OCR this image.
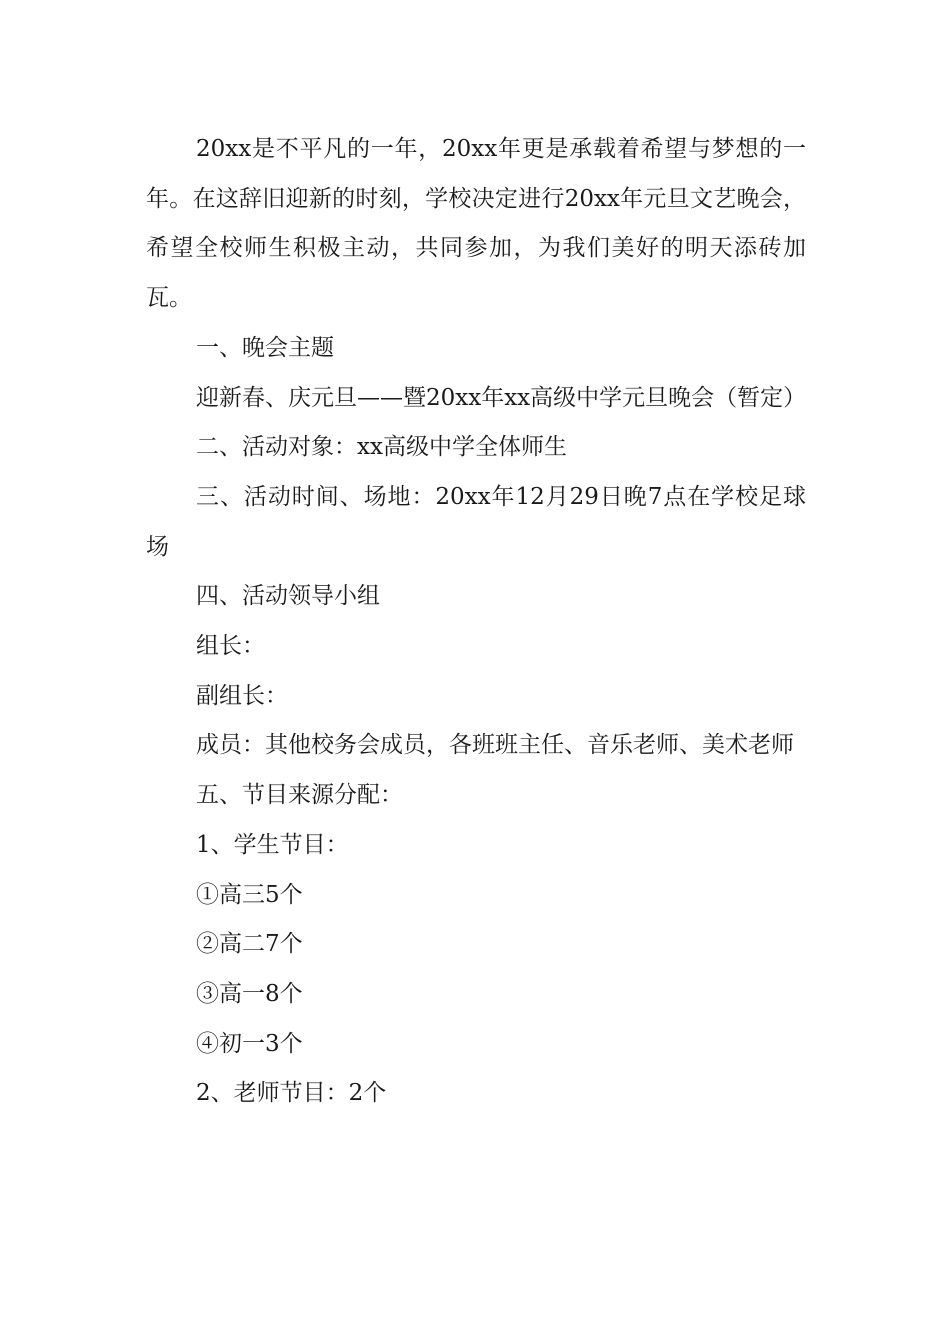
20xx是不平凡的一年，20xx年更是承载着希望与梦想的一年。在这辞旧迎新的时刻，学校决定进行20xx年元旦文艺晚会，希望全校师生积极主动，共同参加，为我们美好的明天添砖加瓦。

一、晚会主题

迎新春、庆元旦——暨20xx年xx高级中学元旦晚会（暂定）

二、活动对象：xx高级中学全体师生

三、活动时间、场地：20xx年12月29日晚7点在学校足球场

四、活动领导小组

组长：

副组长：

成员：其他校务会成员，各班班主任、音乐老师、美术老师

五、节目来源分配：

1、学生节目：

①高三5个

②高二7个

③高一8个

④初一3个

2、老师节目：2个
